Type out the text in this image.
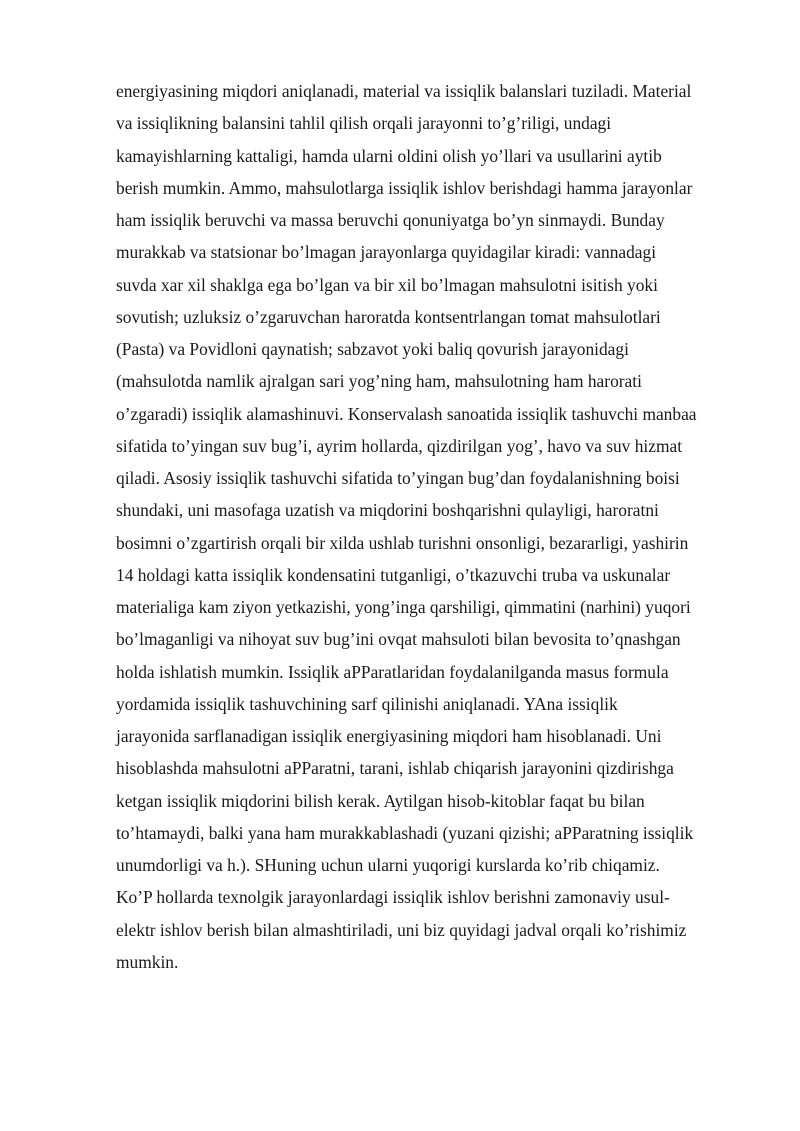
energiyasining miqdori aniqlanadi, material va issiqlik balanslari tuziladi. Material
va issiqlikning balansini tahlil qilish orqali jarayonni to’g’riligi, undagi
kamayishlarning kattaligi, hamda ularni oldini olish yo’llari va usullarini aytib
berish mumkin. Ammo, mahsulotlarga issiqlik ishlov berishdagi hamma jarayonlar
ham issiqlik beruvchi va massa beruvchi qonuniyatga bo’yn sinmaydi. Bunday
murakkab va statsionar bo’lmagan jarayonlarga quyidagilar kiradi: vannadagi
suvda xar xil shaklga ega bo’lgan va bir xil bo’lmagan mahsulotni isitish yoki
sovutish; uzluksiz o’zgaruvchan haroratda kontsentrlangan tomat mahsulotlari
(Pasta) va Povidloni qaynatish; sabzavot yoki baliq qovurish jarayonidagi
(mahsulotda namlik ajralgan sari yog’ning ham, mahsulotning ham harorati
o’zgaradi) issiqlik alamashinuvi. Konservalash sanoatida issiqlik tashuvchi manbaa
sifatida to’yingan suv bug’i, ayrim hollarda, qizdirilgan yog’, havo va suv hizmat
qiladi. Asosiy issiqlik tashuvchi sifatida to’yingan bug’dan foydalanishning boisi
shundaki, uni masofaga uzatish va miqdorini boshqarishni qulayligi, haroratni
bosimni o’zgartirish orqali bir xilda ushlab turishni onsonligi, bezararligi, yashirin
14 holdagi katta issiqlik kondensatini tutganligi, o’tkazuvchi truba va uskunalar
materialiga kam ziyon yetkazishi, yong’inga qarshiligi, qimmatini (narhini) yuqori
bo’lmaganligi va nihoyat suv bug’ini ovqat mahsuloti bilan bevosita to’qnashgan
holda ishlatish mumkin. Issiqlik aPParatlaridan foydalanilganda masus formula
yordamida issiqlik tashuvchining sarf qilinishi aniqlanadi. YAna issiqlik
jarayonida sarflanadigan issiqlik energiyasining miqdori ham hisoblanadi. Uni
hisoblashda mahsulotni aPParatni, tarani, ishlab chiqarish jarayonini qizdirishga
ketgan issiqlik miqdorini bilish kerak. Aytilgan hisob-kitoblar faqat bu bilan
to’htamaydi, balki yana ham murakkablashadi (yuzani qizishi; aPParatning issiqlik
unumdorligi va h.). SHuning uchun ularni yuqorigi kurslarda ko’rib chiqamiz.
Ko’P hollarda texnolgik jarayonlardagi issiqlik ishlov berishni zamonaviy usul-
elektr ishlov berish bilan almashtiriladi, uni biz quyidagi jadval orqali ko’rishimiz
mumkin.
